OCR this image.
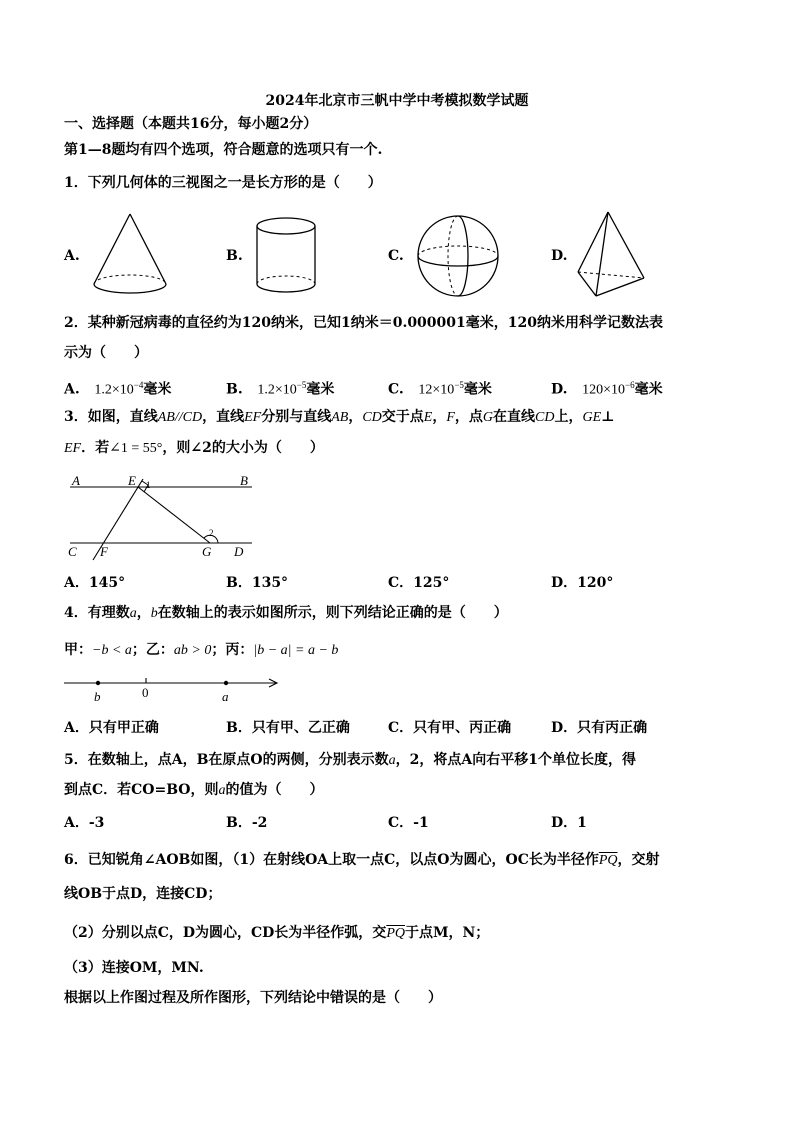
2024年北京市三帆中学中考模拟数学试题
一、选择题（本题共16分，每小题2分）
第1—8题均有四个选项，符合题意的选项只有一个.
1．下列几何体的三视图之一是长方形的是（　　）
A.	B.	C.	D.
2．某种新冠病毒的直径约为120纳米，已知1纳米＝0.000001毫米，120纳米用科学记数法表
示为（　　）
A. $1.2\times 10^{-4}$毫米	B. $1.2\times 10^{-5}$毫米	C. $12\times 10^{-5}$毫米	D. $120\times 10^{-6}$毫米
3．如图，直线AB//CD，直线EF分别与直线AB，CD交于点E，F，点G在直线CD上，GE⊥
EF．若∠1 = 55°，则∠2的大小为（　　）
A	B
E 1
C F	G D
2
A．145°	B．135°	C．125°	D．120°
4．有理数a，b在数轴上的表示如图所示，则下列结论正确的是（　　）
甲：−b < a；乙：ab > 0；丙：|b − a| = a − b
b	0	a
A．只有甲正确	B．只有甲、乙正确	C．只有甲、丙正确	D．只有丙正确
5．在数轴上，点A，B在原点O的两侧，分别表示数a，2，将点A向右平移1个单位长度，得
到点C．若CO=BO，则a的值为（　　）
A．-3	B．-2	C．-1	D．1
6．已知锐角∠AOB如图，（1）在射线OA上取一点C，以点O为圆心，OC长为半径作$\overline{PQ}$，交射
线OB于点D，连接CD；
（2）分别以点C，D为圆心，CD长为半径作弧，交$\overline{PQ}$于点M，N；
（3）连接OM，MN.
根据以上作图过程及所作图形，下列结论中错误的是（　　）
